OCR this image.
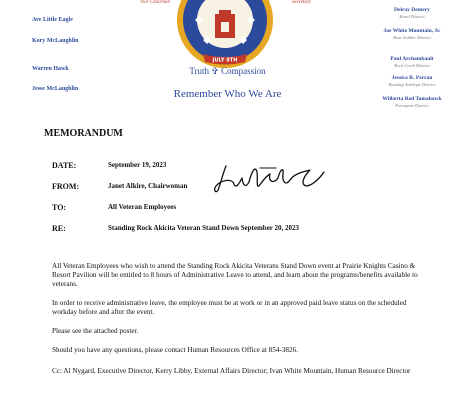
Vice Chairman	Secretary
Ave Little Eagle
Kory McLaughlin
Warren Hawk
Jesse McLaughlin
Delray Demery
Kenel District
Joe White Mountain, Jr.
Bear Soldier District
Paul Archambault
Rock Creek District
Jessica R. Perrau
Running Antelope District
Wilberta Red Tomahawk
Porcupine District
JULY 8TH
Truth ✞ Compassion
Remember Who We Are
MEMORANDUM
DATE:	September 19, 2023
FROM:	Janet Alkire, Chairwoman
TO:	All Veteran Employees
RE:	Standing Rock Akicita Veteran Stand Down September 20, 2023
All Veteran Employees who wish to attend the Standing Rock Akicita Veterans Stand Down event at Prairie Knights Casino & Resort Pavilion will be entitled to 8 hours of Administrative Leave to attend, and learn about the programs/benefits available to veterans.
In order to receive administrative leave, the employee must be at work or in an approved paid leave status on the scheduled workday before and after the event.
Please see the attached poster.
Should you have any questions, please contact Human Resources Office at 854-3826.
Cc: Al Nygard, Executive Director, Kerry Libby, External Affairs Director; Ivan White Mountain, Human Resource Director
